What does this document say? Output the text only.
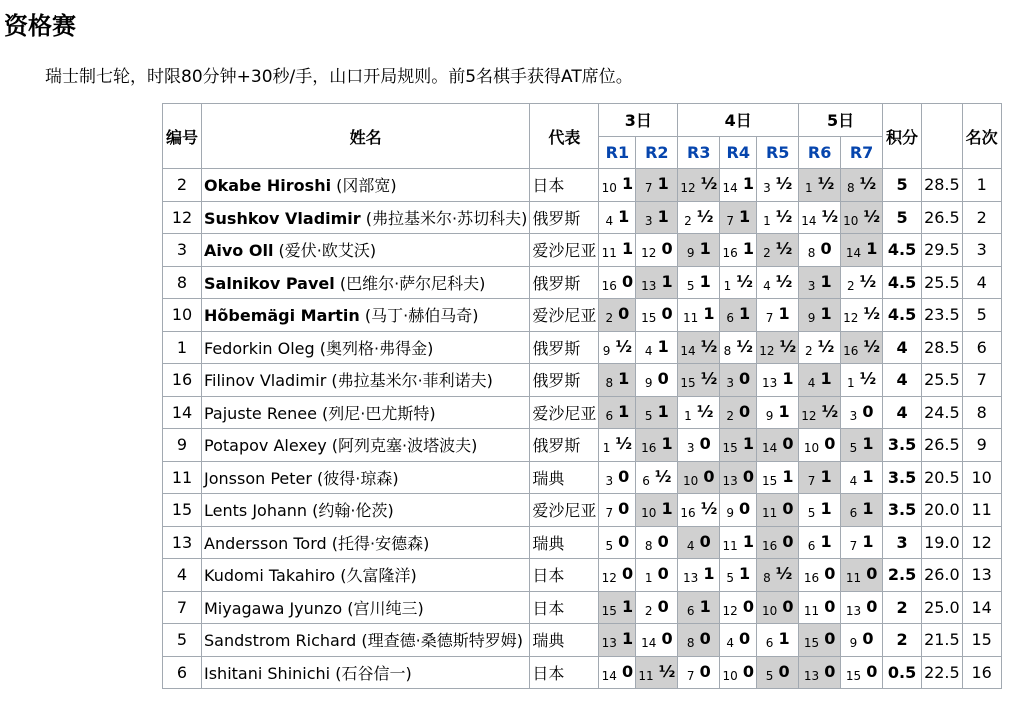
资格赛

瑞士制七轮，时限80分钟+30秒/手，山口开局规则。前5名棋手获得AT席位。

编号	姓名	代表	3日		4日			5日		积分		名次
			R1	R2	R3	R4	R5	R6	R7			
2	Okabe Hiroshi (冈部宽)	日本	10 1	7 1	12 ½	14 1	3 ½	1 ½	8 ½	5	28.5	1
12	Sushkov Vladimir (弗拉基米尔·苏切科夫)	俄罗斯	4 1	3 1	2 ½	7 1	1 ½	14 ½	10 ½	5	26.5	2
3	Aivo Oll (爱伏·欧艾沃)	爱沙尼亚	11 1	12 0	9 1	16 1	2 ½	8 0	14 1	4.5	29.5	3
8	Salnikov Pavel (巴维尔·萨尔尼科夫)	俄罗斯	16 0	13 1	5 1	1 ½	4 ½	3 1	2 ½	4.5	25.5	4
10	Hõbemägi Martin (马丁·赫伯马奇)	爱沙尼亚	2 0	15 0	11 1	6 1	7 1	9 1	12 ½	4.5	23.5	5
1	Fedorkin Oleg (奥列格·弗得金)	俄罗斯	9 ½	4 1	14 ½	8 ½	12 ½	2 ½	16 ½	4	28.5	6
16	Filinov Vladimir (弗拉基米尔·菲利诺夫)	俄罗斯	8 1	9 0	15 ½	3 0	13 1	4 1	1 ½	4	25.5	7
14	Pajuste Renee (列尼·巴尤斯特)	爱沙尼亚	6 1	5 1	1 ½	2 0	9 1	12 ½	3 0	4	24.5	8
9	Potapov Alexey (阿列克塞·波塔波夫)	俄罗斯	1 ½	16 1	3 0	15 1	14 0	10 0	5 1	3.5	26.5	9
11	Jonsson Peter (彼得·琼森)	瑞典	3 0	6 ½	10 0	13 0	15 1	7 1	4 1	3.5	20.5	10
15	Lents Johann (约翰·伦茨)	爱沙尼亚	7 0	10 1	16 ½	9 0	11 0	5 1	6 1	3.5	20.0	11
13	Andersson Tord (托得·安德森)	瑞典	5 0	8 0	4 0	11 1	16 0	6 1	7 1	3	19.0	12
4	Kudomi Takahiro (久富隆洋)	日本	12 0	1 0	13 1	5 1	8 ½	16 0	11 0	2.5	26.0	13
7	Miyagawa Jyunzo (宫川纯三)	日本	15 1	2 0	6 1	12 0	10 0	11 0	13 0	2	25.0	14
5	Sandstrom Richard (理查德·桑德斯特罗姆)	瑞典	13 1	14 0	8 0	4 0	6 1	15 0	9 0	2	21.5	15
6	Ishitani Shinichi (石谷信一)	日本	14 0	11 ½	7 0	10 0	5 0	13 0	15 0	0.5	22.5	16
